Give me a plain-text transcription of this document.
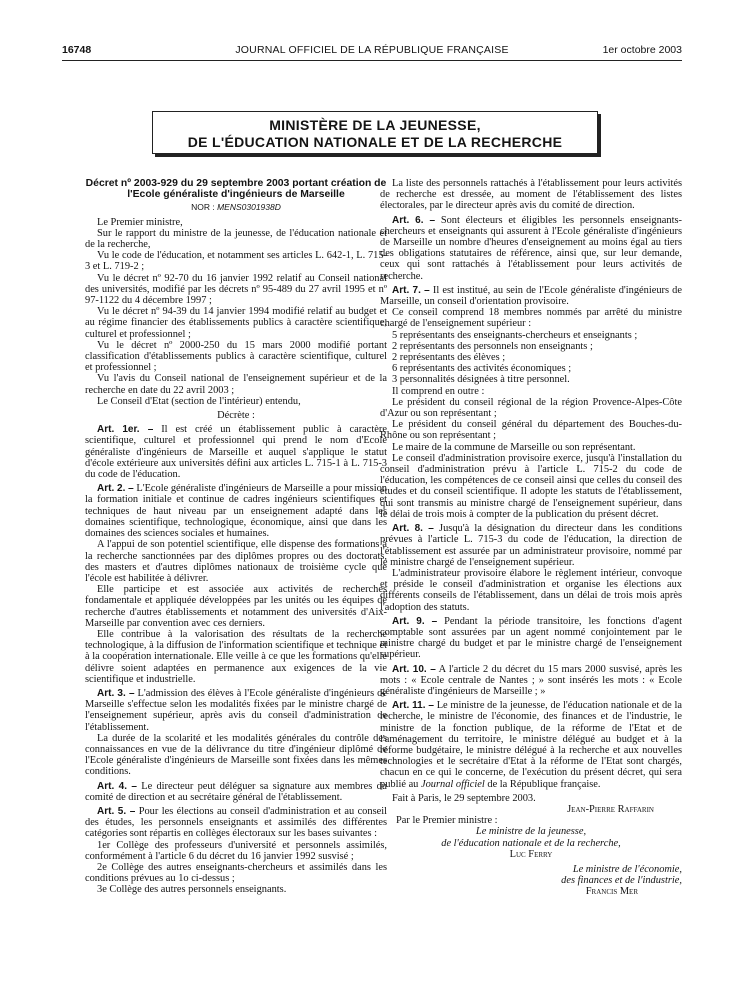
16748	JOURNAL OFFICIEL DE LA RÉPUBLIQUE FRANÇAISE	1er octobre 2003
MINISTÈRE DE LA JEUNESSE,
DE L'ÉDUCATION NATIONALE ET DE LA RECHERCHE
Décret nº 2003-929 du 29 septembre 2003 portant création de l'Ecole généraliste d'ingénieurs de Marseille
NOR : MENS0301938D

Le Premier ministre,

Sur le rapport du ministre de la jeunesse, de l'éducation nationale et de la recherche,

Vu le code de l'éducation, et notamment ses articles L. 642-1, L. 715-3 et L. 719-2 ;

Vu le décret nº 92-70 du 16 janvier 1992 relatif au Conseil national des universités, modifié par les décrets nº 95-489 du 27 avril 1995 et nº 97-1122 du 4 décembre 1997 ;

Vu le décret nº 94-39 du 14 janvier 1994 modifié relatif au budget et au régime financier des établissements publics à caractère scientifique, culturel et professionnel ;

Vu le décret nº 2000-250 du 15 mars 2000 modifié portant classification d'établissements publics à caractère scientifique, culturel et professionnel ;

Vu l'avis du Conseil national de l'enseignement supérieur et de la recherche en date du 22 avril 2003 ;

Le Conseil d'Etat (section de l'intérieur) entendu,

Décrète :

Art. 1er. – Il est créé un établissement public à caractère scientifique, culturel et professionnel qui prend le nom d'Ecole généraliste d'ingénieurs de Marseille et auquel s'applique le statut d'école extérieure aux universités défini aux articles L. 715-1 à L. 715-3 du code de l'éducation.

Art. 2. – L'Ecole généraliste d'ingénieurs de Marseille a pour mission la formation initiale et continue de cadres ingénieurs scientifiques et techniques de haut niveau par un enseignement adapté dans les domaines scientifique, technologique, économique, ainsi que dans les domaines des sciences sociales et humaines.

A l'appui de son potentiel scientifique, elle dispense des formations à la recherche sanctionnées par des diplômes propres ou des doctorats, des masters et d'autres diplômes nationaux de troisième cycle que l'école est habilitée à délivrer.

Elle participe et est associée aux activités de recherches fondamentale et appliquée développées par les unités ou les équipes de recherche d'autres établissements et notamment des universités d'Aix-Marseille par convention avec ces derniers.

Elle contribue à la valorisation des résultats de la recherche technologique, à la diffusion de l'information scientifique et technique et à la coopération internationale. Elle veille à ce que les formations qu'elle délivre soient adaptées en permanence aux exigences de la vie scientifique et industrielle.

Art. 3. – L'admission des élèves à l'Ecole généraliste d'ingénieurs de Marseille s'effectue selon les modalités fixées par le ministre chargé de l'enseignement supérieur, après avis du conseil d'administration de l'établissement.

La durée de la scolarité et les modalités générales du contrôle des connaissances en vue de la délivrance du titre d'ingénieur diplômé de l'Ecole généraliste d'ingénieurs de Marseille sont fixées dans les mêmes conditions.

Art. 4. – Le directeur peut déléguer sa signature aux membres du comité de direction et au secrétaire général de l'établissement.

Art. 5. – Pour les élections au conseil d'administration et au conseil des études, les personnels enseignants et assimilés des différentes catégories sont répartis en collèges électoraux sur les bases suivantes :

1er Collège des professeurs d'université et personnels assimilés, conformément à l'article 6 du décret du 16 janvier 1992 susvisé ;

2e Collège des autres enseignants-chercheurs et assimilés dans les conditions prévues au 1o ci-dessus ;

3e Collège des autres personnels enseignants.

La liste des personnels rattachés à l'établissement pour leurs activités de recherche est dressée, au moment de l'établissement des listes électorales, par le directeur après avis du comité de direction.

Art. 6. – Sont électeurs et éligibles les personnels enseignants-chercheurs et enseignants qui assurent à l'Ecole généraliste d'ingénieurs de Marseille un nombre d'heures d'enseignement au moins égal au tiers des obligations statutaires de référence, ainsi que, sur leur demande, ceux qui sont rattachés à l'établissement pour leurs activités de recherche.

Art. 7. – Il est institué, au sein de l'Ecole généraliste d'ingénieurs de Marseille, un conseil d'orientation provisoire.

Ce conseil comprend 18 membres nommés par arrêté du ministre chargé de l'enseignement supérieur :

5 représentants des enseignants-chercheurs et enseignants ;

2 représentants des personnels non enseignants ;

2 représentants des élèves ;

6 représentants des activités économiques ;

3 personnalités désignées à titre personnel.

Il comprend en outre :

Le président du conseil régional de la région Provence-Alpes-Côte d'Azur ou son représentant ;

Le président du conseil général du département des Bouches-du-Rhône ou son représentant ;

Le maire de la commune de Marseille ou son représentant.

Le conseil d'administration provisoire exerce, jusqu'à l'installation du conseil d'administration prévu à l'article L. 715-2 du code de l'éducation, les compétences de ce conseil ainsi que celles du conseil des études et du conseil scientifique. Il adopte les statuts de l'établissement, qui sont transmis au ministre chargé de l'enseignement supérieur, dans le délai de trois mois à compter de la publication du présent décret.

Art. 8. – Jusqu'à la désignation du directeur dans les conditions prévues à l'article L. 715-3 du code de l'éducation, la direction de l'établissement est assurée par un administrateur provisoire, nommé par le ministre chargé de l'enseignement supérieur.

L'administrateur provisoire élabore le règlement intérieur, convoque et préside le conseil d'administration et organise les élections aux différents conseils de l'établissement, dans un délai de trois mois après l'adoption des statuts.

Art. 9. – Pendant la période transitoire, les fonctions d'agent comptable sont assurées par un agent nommé conjointement par le ministre chargé du budget et par le ministre chargé de l'enseignement supérieur.

Art. 10. – A l'article 2 du décret du 15 mars 2000 susvisé, après les mots : « Ecole centrale de Nantes ; » sont insérés les mots : « Ecole généraliste d'ingénieurs de Marseille ; »

Art. 11. – Le ministre de la jeunesse, de l'éducation nationale et de la recherche, le ministre de l'économie, des finances et de l'industrie, le ministre de la fonction publique, de la réforme de l'Etat et de l'aménagement du territoire, le ministre délégué au budget et à la réforme budgétaire, le ministre délégué à la recherche et aux nouvelles technologies et le secrétaire d'Etat à la réforme de l'Etat sont chargés, chacun en ce qui le concerne, de l'exécution du présent décret, qui sera publié au Journal officiel de la République française.

Fait à Paris, le 29 septembre 2003.

Jean-Pierre Raffarin

Par le Premier ministre :

Le ministre de la jeunesse,

de l'éducation nationale et de la recherche,

Luc Ferry

Le ministre de l'économie,

des finances et de l'industrie,

Francis Mer
